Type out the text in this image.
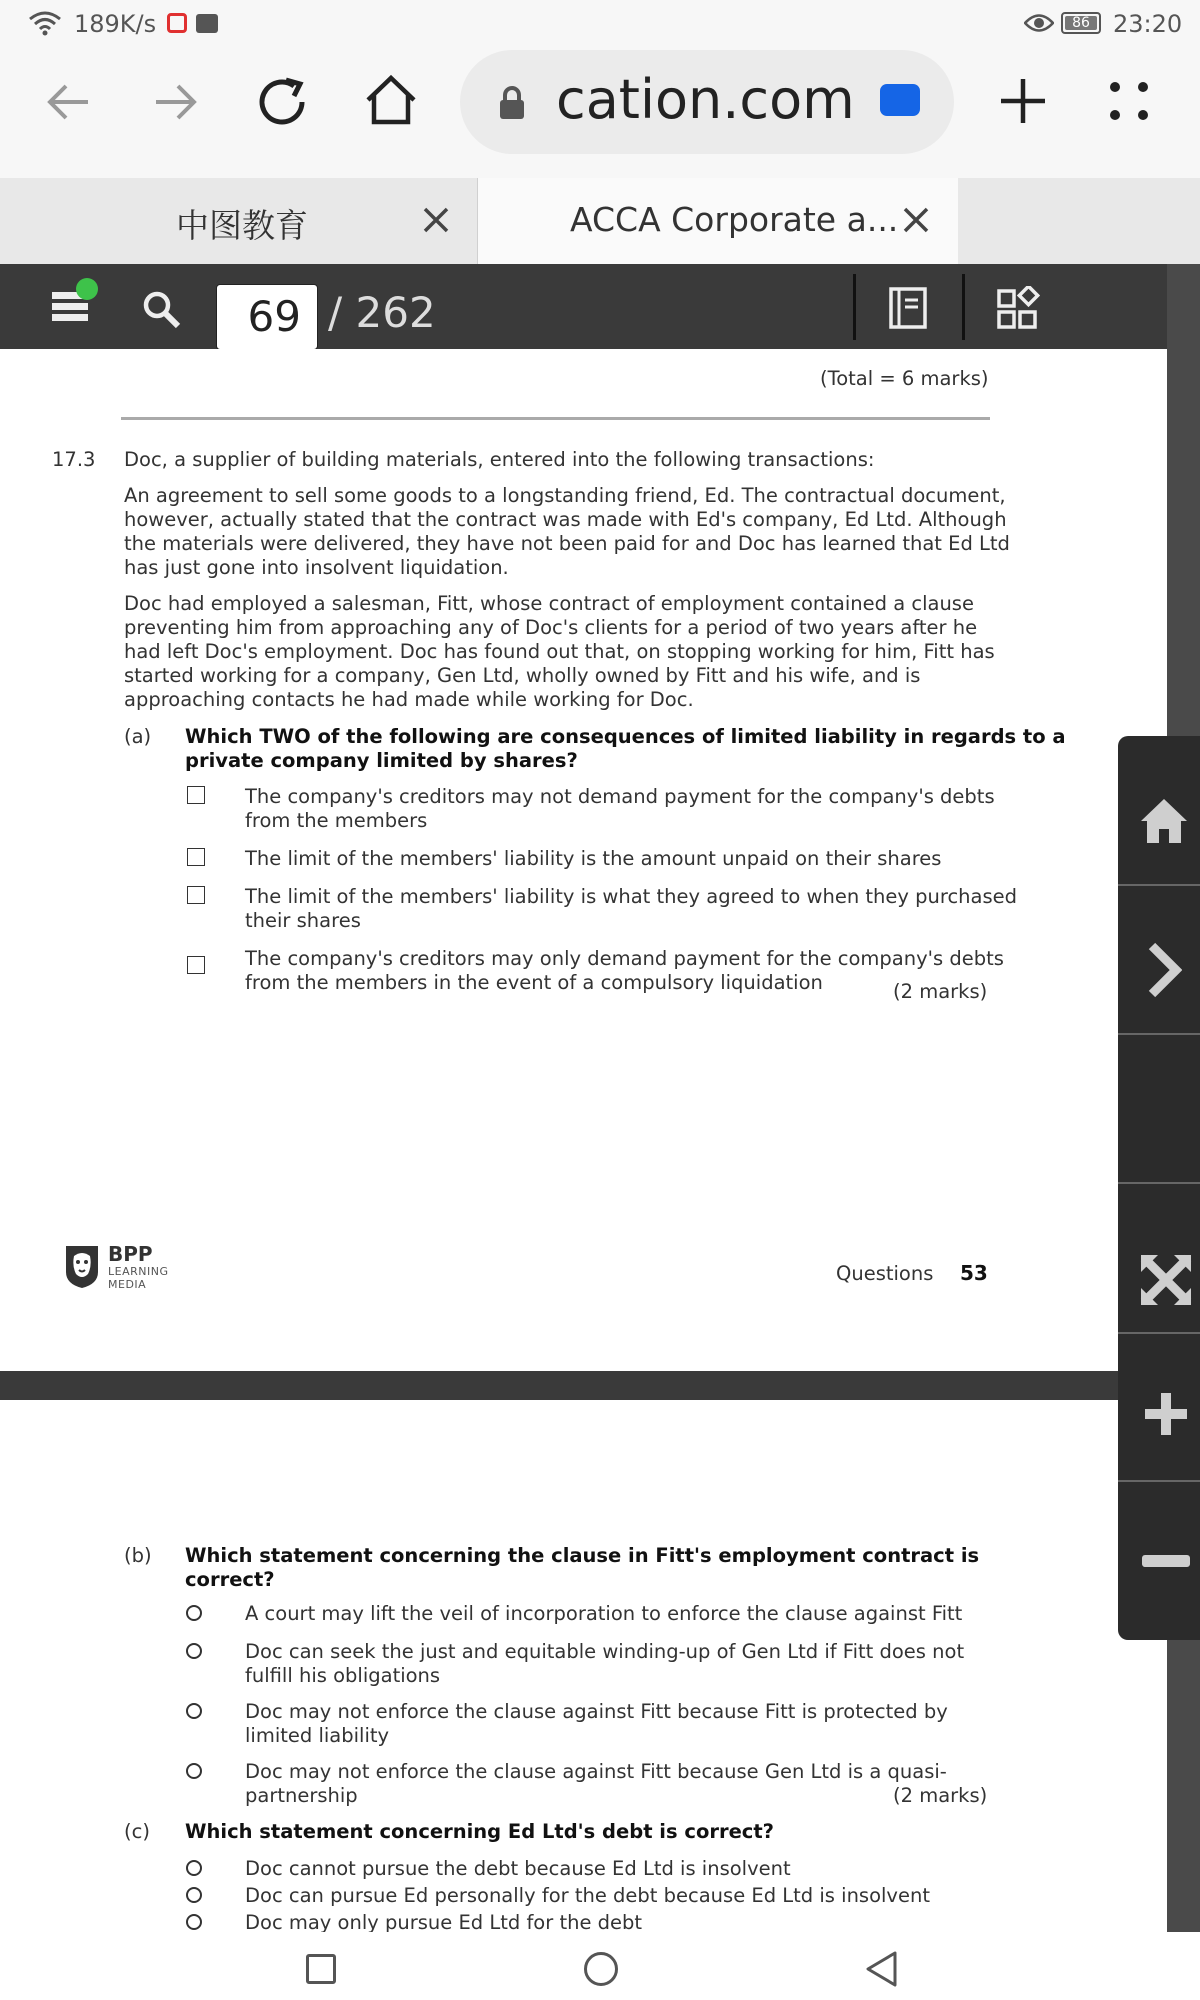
189K/s	86 23:20
cation.com
中图教育	ACCA Corporate a...
69 / 262
(Total = 6 marks)
17.3 Doc, a supplier of building materials, entered into the following transactions:
An agreement to sell some goods to a longstanding friend, Ed. The contractual document,
however, actually stated that the contract was made with Ed's company, Ed Ltd. Although
the materials were delivered, they have not been paid for and Doc has learned that Ed Ltd
has just gone into insolvent liquidation.
Doc had employed a salesman, Fitt, whose contract of employment contained a clause
preventing him from approaching any of Doc's clients for a period of two years after he
had left Doc's employment. Doc has found out that, on stopping working for him, Fitt has
started working for a company, Gen Ltd, wholly owned by Fitt and his wife, and is
approaching contacts he had made while working for Doc.
(a) Which TWO of the following are consequences of limited liability in regards to a
private company limited by shares?
The company's creditors may not demand payment for the company's debts
from the members
The limit of the members' liability is the amount unpaid on their shares
The limit of the members' liability is what they agreed to when they purchased
their shares
The company's creditors may only demand payment for the company's debts
from the members in the event of a compulsory liquidation	(2 marks)
BPP
LEARNING
MEDIA	Questions 53
(b) Which statement concerning the clause in Fitt's employment contract is
correct?
A court may lift the veil of incorporation to enforce the clause against Fitt
Doc can seek the just and equitable winding-up of Gen Ltd if Fitt does not
fulfill his obligations
Doc may not enforce the clause against Fitt because Fitt is protected by
limited liability
Doc may not enforce the clause against Fitt because Gen Ltd is a quasi-
partnership	(2 marks)
(c) Which statement concerning Ed Ltd's debt is correct?
Doc cannot pursue the debt because Ed Ltd is insolvent
Doc can pursue Ed personally for the debt because Ed Ltd is insolvent
Doc may only pursue Ed Ltd for the debt
